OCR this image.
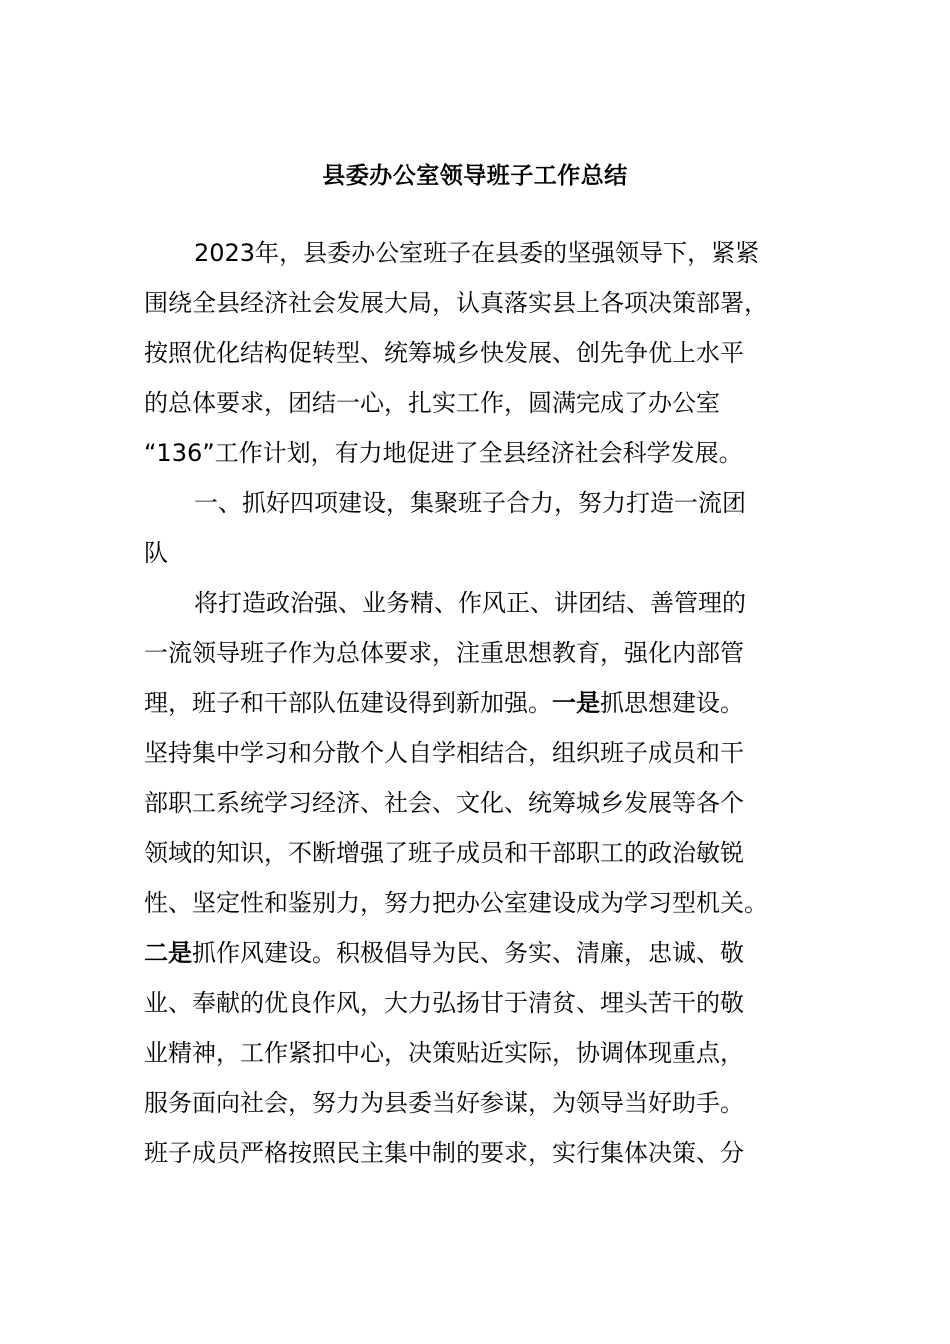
县委办公室领导班子工作总结
2023年，县委办公室班子在县委的坚强领导下，紧紧
围绕全县经济社会发展大局，认真落实县上各项决策部署，
按照优化结构促转型、统筹城乡快发展、创先争优上水平
的总体要求，团结一心，扎实工作，圆满完成了办公室
“136”工作计划，有力地促进了全县经济社会科学发展。
一、抓好四项建设，集聚班子合力，努力打造一流团
队
将打造政治强、业务精、作风正、讲团结、善管理的
一流领导班子作为总体要求，注重思想教育，强化内部管
理，班子和干部队伍建设得到新加强。一是抓思想建设。
坚持集中学习和分散个人自学相结合，组织班子成员和干
部职工系统学习经济、社会、文化、统筹城乡发展等各个
领域的知识，不断增强了班子成员和干部职工的政治敏锐
性、坚定性和鉴别力，努力把办公室建设成为学习型机关。
二是抓作风建设。积极倡导为民、务实、清廉，忠诚、敬
业、奉献的优良作风，大力弘扬甘于清贫、埋头苦干的敬
业精神，工作紧扣中心，决策贴近实际，协调体现重点，
服务面向社会，努力为县委当好参谋，为领导当好助手。
班子成员严格按照民主集中制的要求，实行集体决策、分
